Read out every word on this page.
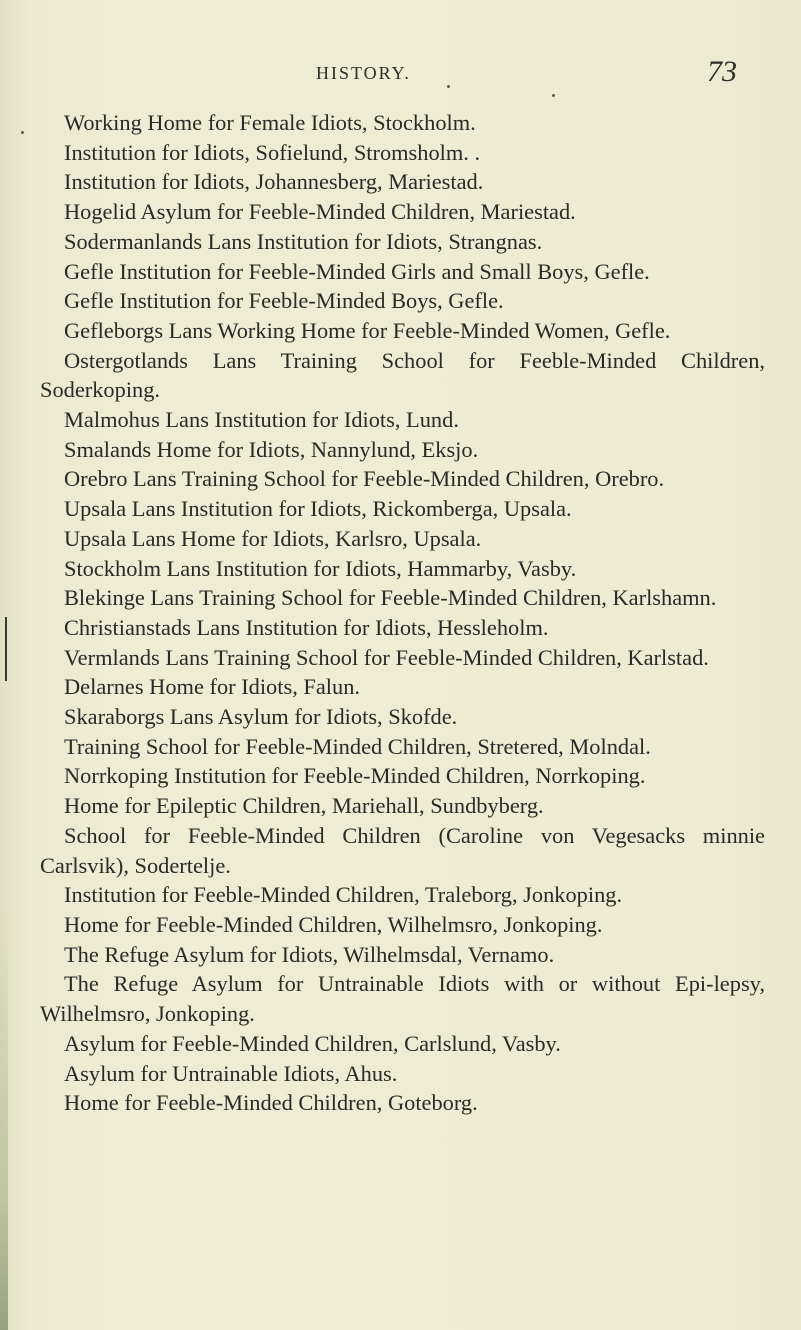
HISTORY.	73
Working Home for Female Idiots, Stockholm.
Institution for Idiots, Sofielund, Stromsholm. .
Institution for Idiots, Johannesberg, Mariestad.
Hogelid Asylum for Feeble-Minded Children, Mariestad.
Sodermanlands Lans Institution for Idiots, Strangnas.
Gefle Institution for Feeble-Minded Girls and Small Boys, Gefle.
Gefle Institution for Feeble-Minded Boys, Gefle.
Gefleborgs Lans Working Home for Feeble-Minded Women, Gefle.
Ostergotlands Lans Training School for Feeble-Minded Children, Soderkoping.
Malmohus Lans Institution for Idiots, Lund.
Smalands Home for Idiots, Nannylund, Eksjo.
Orebro Lans Training School for Feeble-Minded Children, Orebro.
Upsala Lans Institution for Idiots, Rickomberga, Upsala.
Upsala Lans Home for Idiots, Karlsro, Upsala.
Stockholm Lans Institution for Idiots, Hammarby, Vasby.
Blekinge Lans Training School for Feeble-Minded Children, Karlshamn.
Christianstads Lans Institution for Idiots, Hessleholm.
Vermlands Lans Training School for Feeble-Minded Children, Karlstad.
Delarnes Home for Idiots, Falun.
Skaraborgs Lans Asylum for Idiots, Skofde.
Training School for Feeble-Minded Children, Stretered, Molndal.
Norrkoping Institution for Feeble-Minded Children, Norrkoping.
Home for Epileptic Children, Mariehall, Sundbyberg.
School for Feeble-Minded Children (Caroline von Vegesacks minnie Carlsvik), Sodertelje.
Institution for Feeble-Minded Children, Traleborg, Jonkoping.
Home for Feeble-Minded Children, Wilhelmsro, Jonkoping.
The Refuge Asylum for Idiots, Wilhelmsdal, Vernamo.
The Refuge Asylum for Untrainable Idiots with or without Epi-lepsy, Wilhelmsro, Jonkoping.
Asylum for Feeble-Minded Children, Carlslund, Vasby.
Asylum for Untrainable Idiots, Ahus.
Home for Feeble-Minded Children, Goteborg.
